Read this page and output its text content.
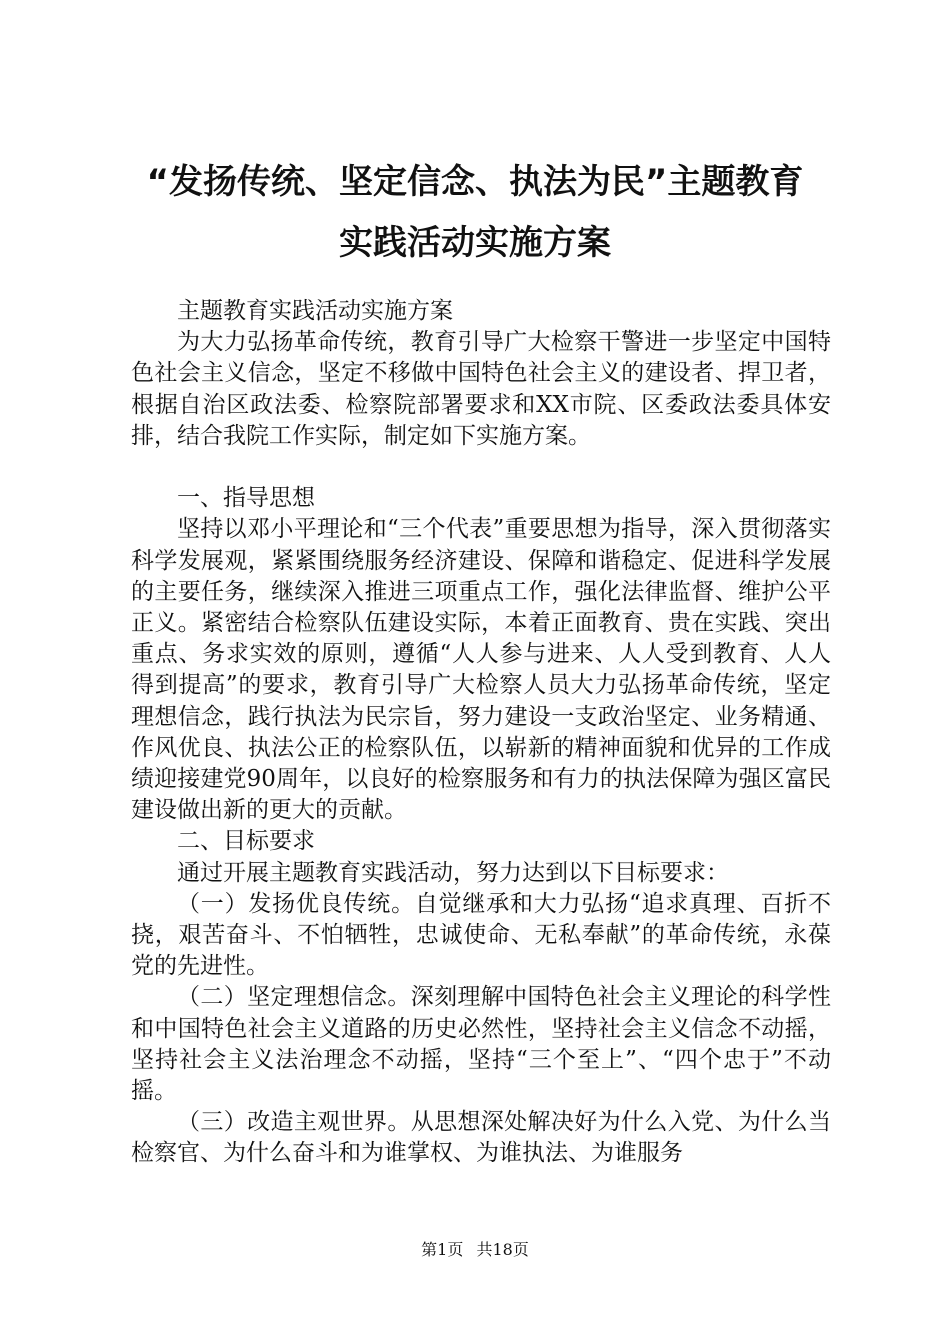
“发扬传统、坚定信念、执法为民”主题教育
实践活动实施方案

主题教育实践活动实施方案

为大力弘扬革命传统，教育引导广大检察干警进一步坚定中国特色社会主义信念，坚定不移做中国特色社会主义的建设者、捍卫者，根据自治区政法委、检察院部署要求和XX市院、区委政法委具体安排，结合我院工作实际，制定如下实施方案。

一、指导思想

坚持以邓小平理论和“三个代表”重要思想为指导，深入贯彻落实科学发展观，紧紧围绕服务经济建设、保障和谐稳定、促进科学发展的主要任务，继续深入推进三项重点工作，强化法律监督、维护公平正义。紧密结合检察队伍建设实际，本着正面教育、贵在实践、突出重点、务求实效的原则，遵循“人人参与进来、人人受到教育、人人得到提高”的要求，教育引导广大检察人员大力弘扬革命传统，坚定理想信念，践行执法为民宗旨，努力建设一支政治坚定、业务精通、作风优良、执法公正的检察队伍，以崭新的精神面貌和优异的工作成绩迎接建党90周年，以良好的检察服务和有力的执法保障为强区富民建设做出新的更大的贡献。

二、目标要求

通过开展主题教育实践活动，努力达到以下目标要求：

（一）发扬优良传统。自觉继承和大力弘扬“追求真理、百折不挠，艰苦奋斗、不怕牺牲，忠诚使命、无私奉献”的革命传统，永葆党的先进性。

（二）坚定理想信念。深刻理解中国特色社会主义理论的科学性和中国特色社会主义道路的历史必然性，坚持社会主义信念不动摇，坚持社会主义法治理念不动摇，坚持“三个至上”、“四个忠于”不动摇。

（三）改造主观世界。从思想深处解决好为什么入党、为什么当检察官、为什么奋斗和为谁掌权、为谁执法、为谁服务

第1页 共18页
